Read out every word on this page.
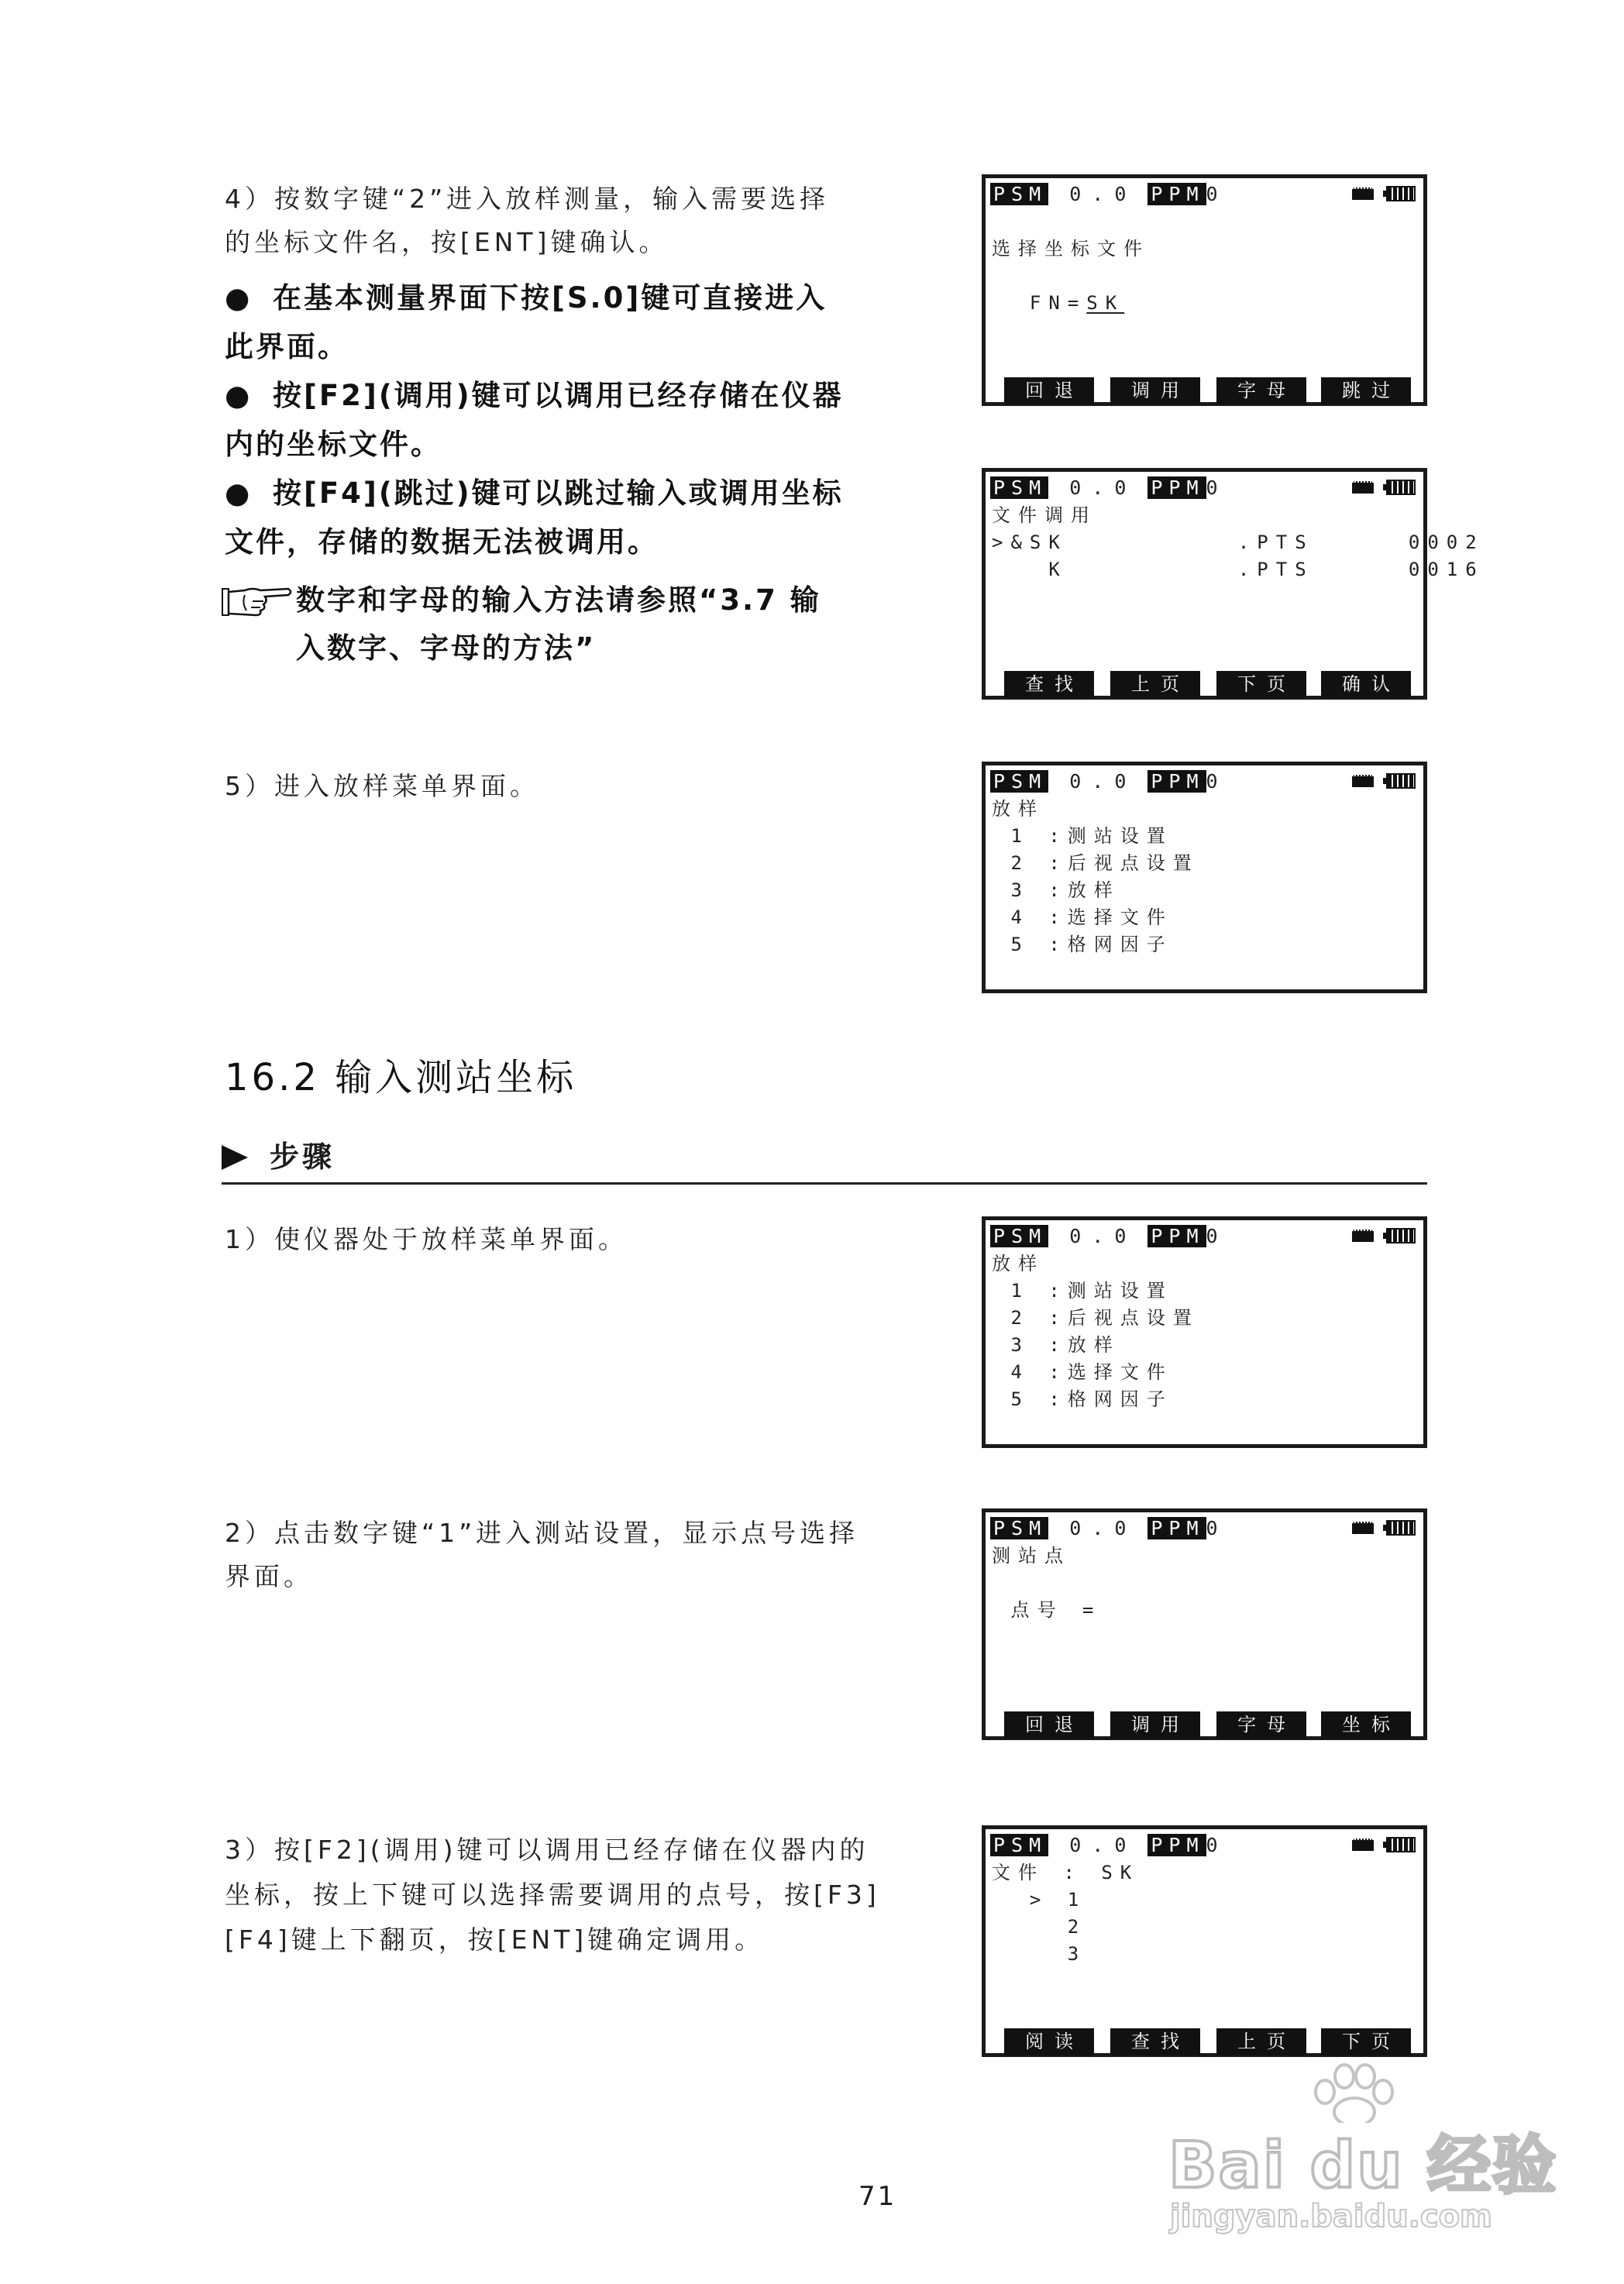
4）按数字键“2”进入放样测量，输入需要选择
的坐标文件名，按[ENT]键确认。
● 在基本测量界面下按[S.0]键可直接进入
此界面。
● 按[F2](调用)键可以调用已经存储在仪器
内的坐标文件。
● 按[F4](跳过)键可以跳过输入或调用坐标
文件，存储的数据无法被调用。
数字和字母的输入方法请参照“3.7 输
入数字、字母的方法”
5）进入放样菜单界面。
16.2 输入测站坐标
步骤
1）使仪器处于放样菜单界面。
2）点击数字键“1”进入测站设置，显示点号选择
界面。
3）按[F2](调用)键可以调用已经存储在仪器内的
坐标，按上下键可以选择需要调用的点号，按[F3]
[F4]键上下翻页，按[ENT]键确定调用。
PSM 0.0 PPM0
选择坐标文件
FN=SK
回退	调用	字母	跳过
PSM 0.0 PPM0
文件调用
>&SK         .PTS     0002
K         .PTS     0016
查找	上页	下页	确认
PSM 0.0 PPM0
放样
1 :测站设置
2 :后视点设置
3 :放样
4 :选择文件
5 :格网因子
PSM 0.0 PPM0
放样
1 :测站设置
2 :后视点设置
3 :放样
4 :选择文件
5 :格网因子
PSM 0.0 PPM0
测站点
点号 =
回退	调用	字母	坐标
PSM 0.0 PPM0
文件 : SK
> 1
2
3
阅读	查找	上页	下页
71	Bai du 经验
jingyan.baidu.com
